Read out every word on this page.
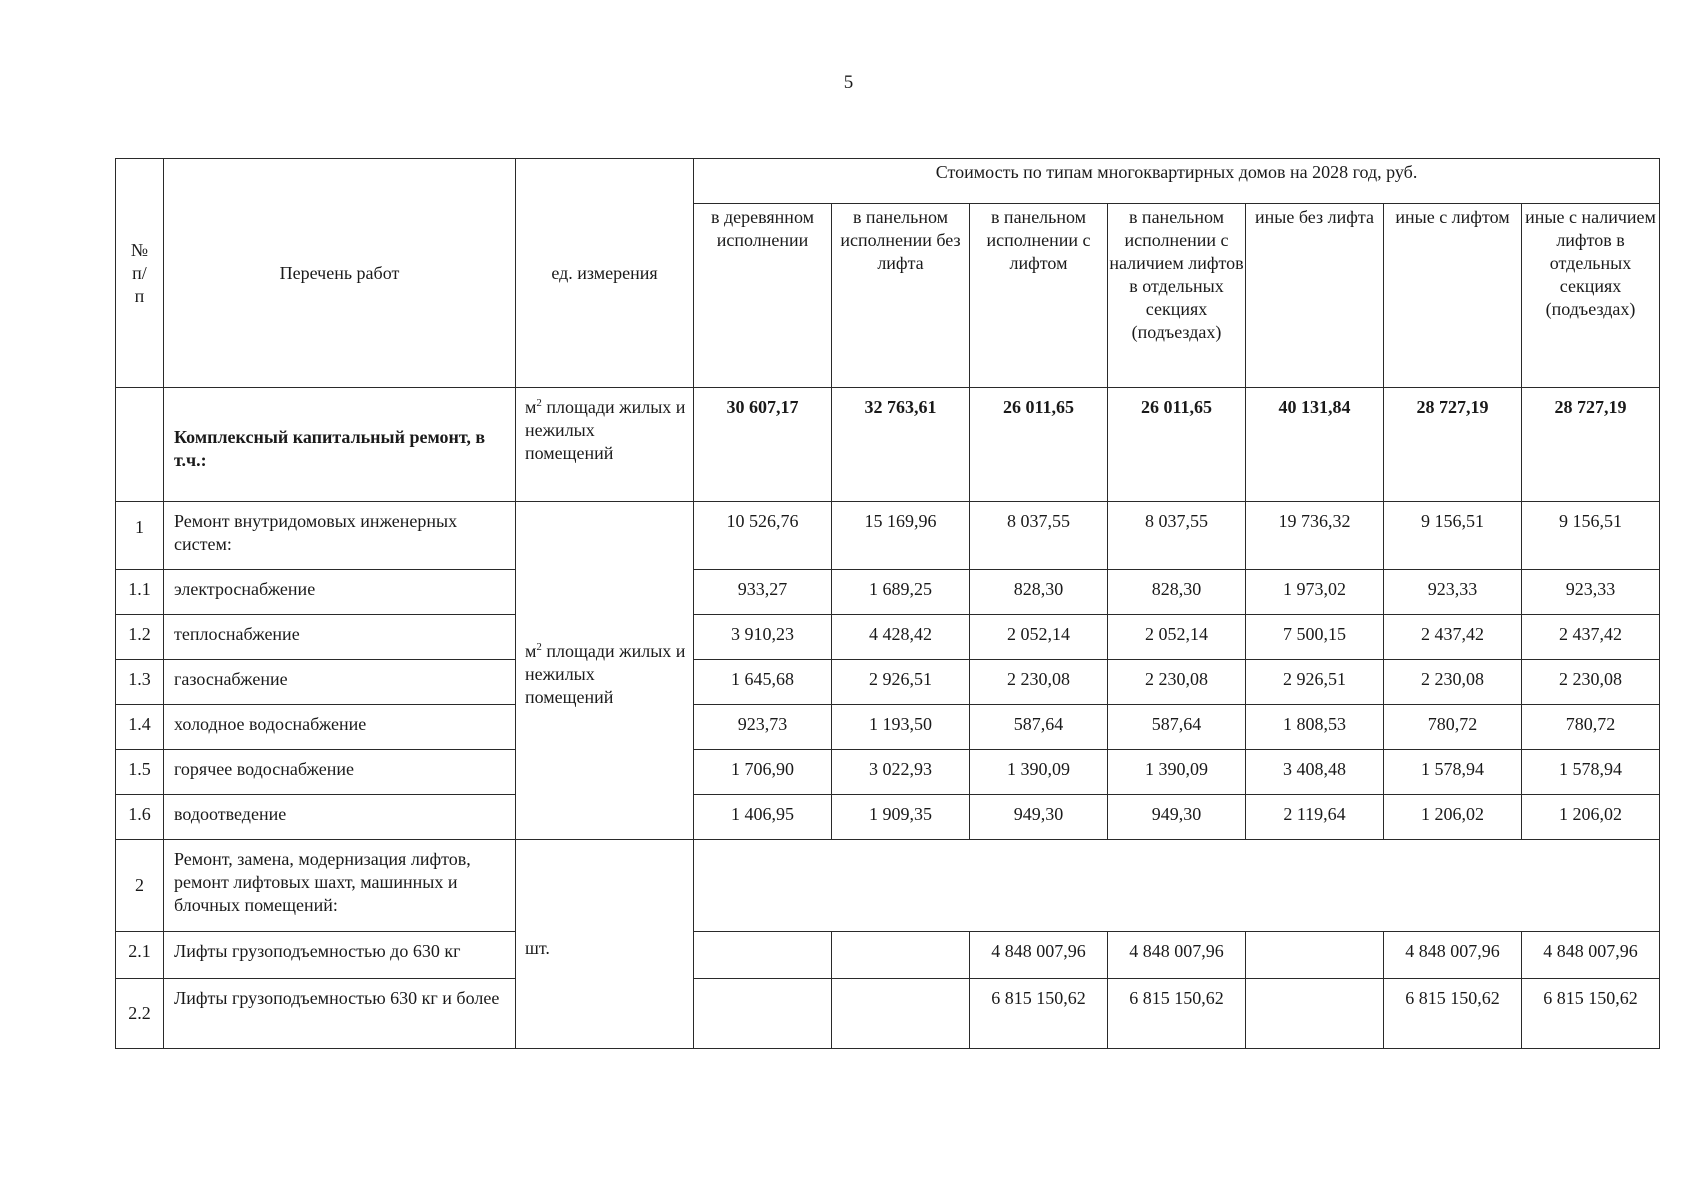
5
№ п/ п	Перечень работ	ед. измерения	Стоимость по типам многоквартирных домов на 2028 год, руб.						
			в деревянном исполнении	в панельном исполнении без лифта	в панельном исполнении с лифтом	в панельном исполнении с наличием лифтов в отдельных секциях (подъездах)	иные без лифта	иные с лифтом	иные с наличием лифтов в отдельных секциях (подъездах)
	Комплексный капитальный ремонт, в т.ч.:	$м^2$ площади жилых и нежилых помещений	30 607,17	32 763,61	26 011,65	26 011,65	40 131,84	28 727,19	28 727,19
1	Ремонт внутридомовых инженерных систем:	$м^2$ площади жилых и нежилых помещений	10 526,76	15 169,96	8 037,55	8 037,55	19 736,32	9 156,51	9 156,51
1.1	электроснабжение		933,27	1 689,25	828,30	828,30	1 973,02	923,33	923,33
1.2	теплоснабжение		3 910,23	4 428,42	2 052,14	2 052,14	7 500,15	2 437,42	2 437,42
1.3	газоснабжение		1 645,68	2 926,51	2 230,08	2 230,08	2 926,51	2 230,08	2 230,08
1.4	холодное водоснабжение		923,73	1 193,50	587,64	587,64	1 808,53	780,72	780,72
1.5	горячее водоснабжение		1 706,90	3 022,93	1 390,09	1 390,09	3 408,48	1 578,94	1 578,94
1.6	водоотведение		1 406,95	1 909,35	949,30	949,30	2 119,64	1 206,02	1 206,02
2	Ремонт, замена, модернизация лифтов, ремонт лифтовых шахт, машинных и блочных помещений:	шт.							
2.1	Лифты грузоподъемностью до 630 кг				4 848 007,96	4 848 007,96		4 848 007,96	4 848 007,96
2.2	Лифты грузоподъемностью 630 кг и более				6 815 150,62	6 815 150,62		6 815 150,62	6 815 150,62
